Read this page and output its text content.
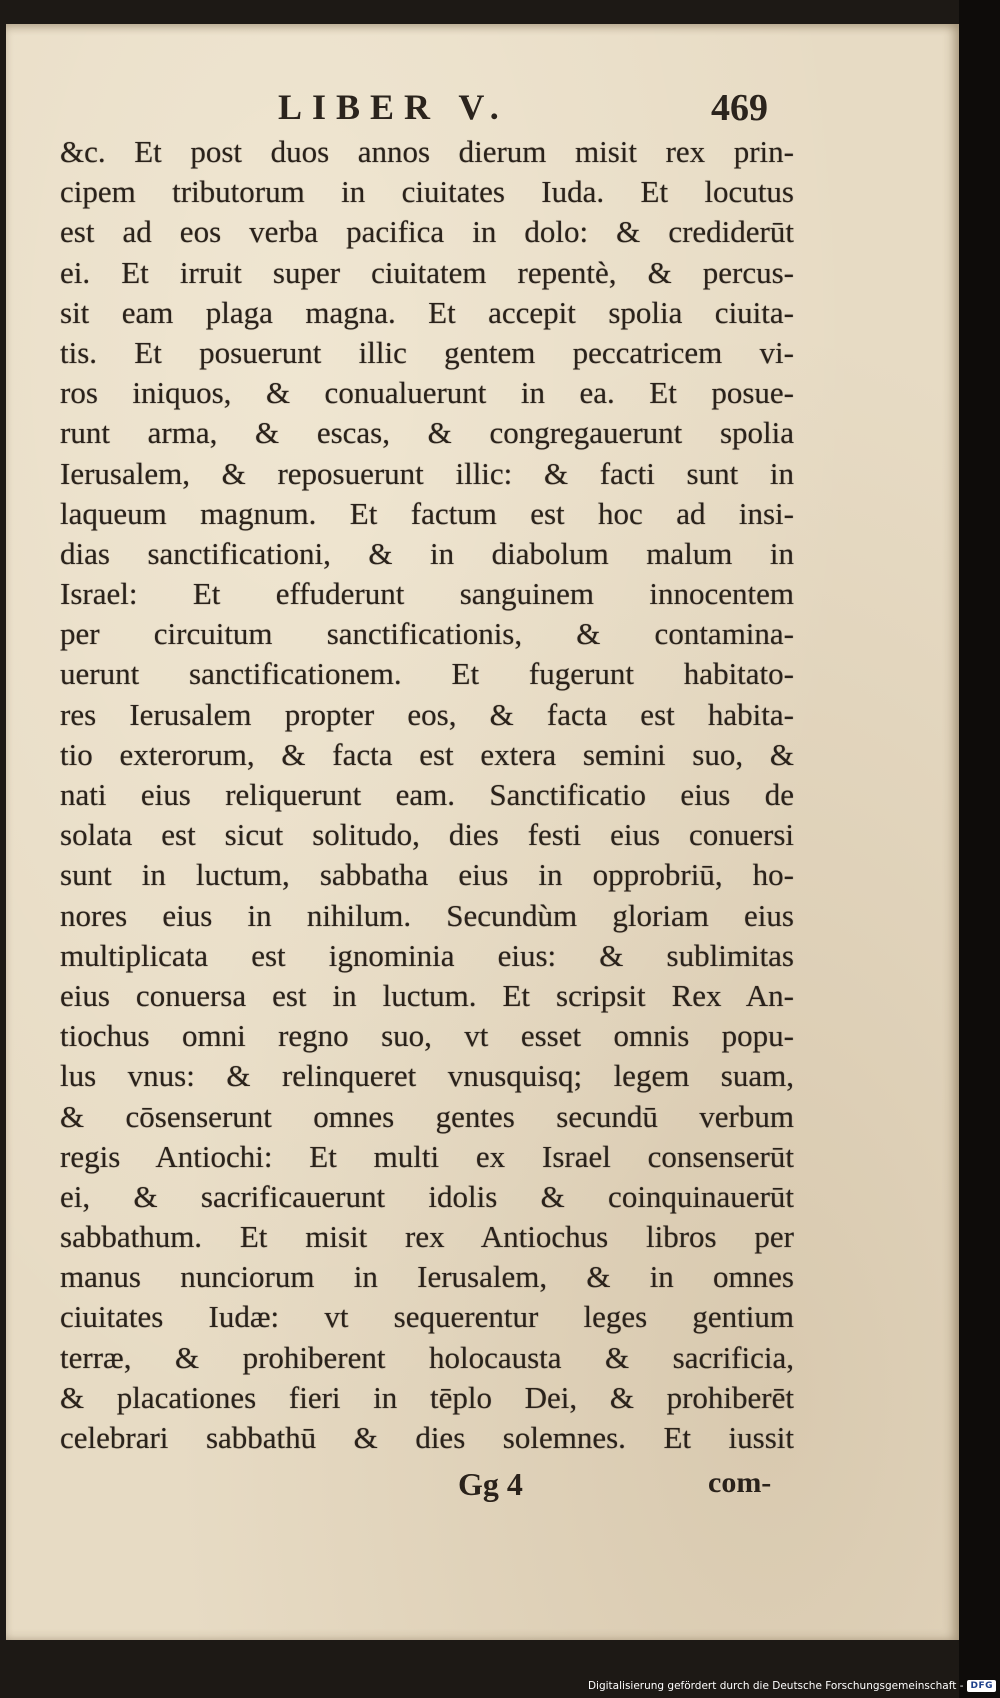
LIBER V.	469
&c. Et post duos annos dierum misit rex prin-
cipem tributorum in ciuitates Iuda. Et locutus
est ad eos verba pacifica in dolo: & crediderūt
ei. Et irruit super ciuitatem repentè, & percus-
sit eam plaga magna. Et accepit spolia ciuita-
tis. Et posuerunt illic gentem peccatricem vi-
ros iniquos, & conualuerunt in ea. Et posue-
runt arma, & escas, & congregauerunt spolia
Ierusalem, & reposuerunt illic: & facti sunt in
laqueum magnum. Et factum est hoc ad insi-
dias sanctificationi, & in diabolum malum in
Israel: Et effuderunt sanguinem innocentem
per circuitum sanctificationis, & contamina-
uerunt sanctificationem. Et fugerunt habitato-
res Ierusalem propter eos, & facta est habita-
tio exterorum, & facta est extera semini suo, &
nati eius reliquerunt eam. Sanctificatio eius de
solata est sicut solitudo, dies festi eius conuersi
sunt in luctum, sabbatha eius in opprobriū, ho-
nores eius in nihilum. Secundùm gloriam eius
multiplicata est ignominia eius: & sublimitas
eius conuersa est in luctum. Et scripsit Rex An-
tiochus omni regno suo, vt esset omnis popu-
lus vnus: & relinqueret vnusquisq; legem suam,
& cōsenserunt omnes gentes secundū verbum
regis Antiochi: Et multi ex Israel consenserūt
ei, & sacrificauerunt idolis & coinquinauerūt
sabbathum. Et misit rex Antiochus libros per
manus nunciorum in Ierusalem, & in omnes
ciuitates Iudæ: vt sequerentur leges gentium
terræ, & prohiberent holocausta & sacrificia,
& placationes fieri in tēplo Dei, & prohiberēt
celebrari sabbathū & dies solemnes. Et iussit
Gg 4	com-
Digitalisierung gefördert durch die Deutsche Forschungsgemeinschaft - DFG
